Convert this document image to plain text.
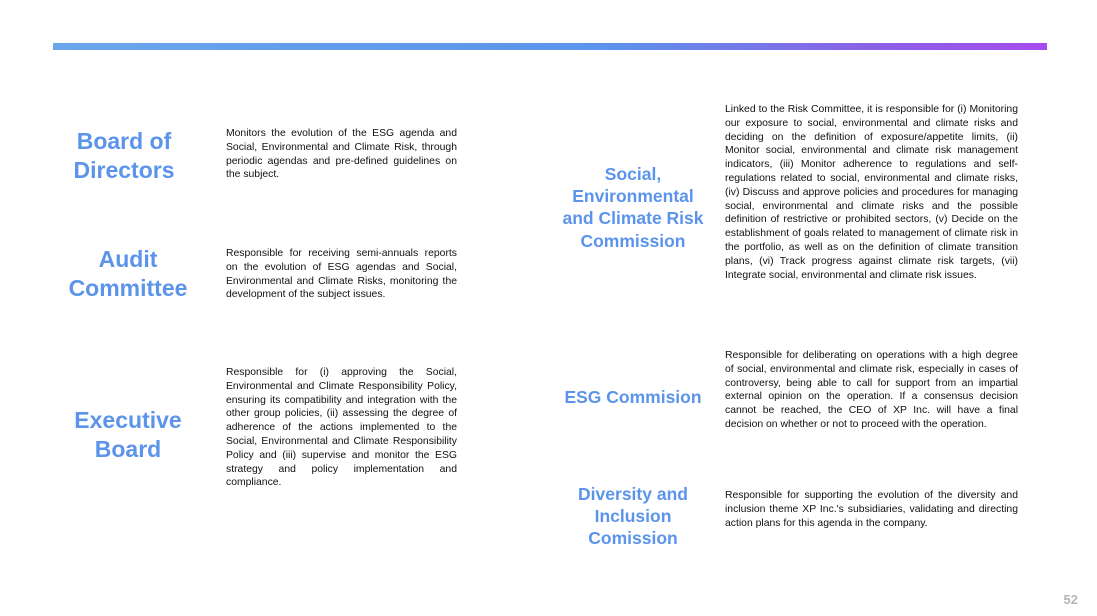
Board of
Directors
Monitors the evolution of the ESG agenda and Social, Environmental and Climate Risk, through periodic agendas and pre-defined guidelines on the subject.
Audit
Committee
Responsible for receiving semi-annuals reports on the evolution of ESG agendas and Social, Environmental and Climate Risks, monitoring the development of the subject issues.
Executive
Board
Responsible for (i) approving the Social, Environmental and Climate Responsibility Policy, ensuring its compatibility and integration with the other group policies, (ii) assessing the degree of adherence of the actions implemented to the Social, Environmental and Climate Responsibility Policy and (iii) supervise and monitor the ESG strategy and policy implementation and compliance.
Social,
Environmental
and Climate Risk
Commission
Linked to the Risk Committee, it is responsible for (i) Monitoring our exposure to social, environmental and climate risks and deciding on the definition of exposure/appetite limits, (ii) Monitor social, environmental and climate risk management indicators, (iii) Monitor adherence to regulations and self-regulations related to social, environmental and climate risks, (iv) Discuss and approve policies and procedures for managing social, environmental and climate risks and the possible definition of restrictive or prohibited sectors, (v) Decide on the establishment of goals related to management of climate risk in the portfolio, as well as on the definition of climate transition plans, (vi) Track progress against climate risk targets, (vii) Integrate social, environmental and climate risk issues.
ESG Commision
Responsible for deliberating on operations with a high degree of social, environmental and climate risk, especially in cases of controversy, being able to call for support from an impartial external opinion on the operation. If a consensus decision cannot be reached, the CEO of XP Inc. will have a final decision on whether or not to proceed with the operation.
Diversity and
Inclusion
Comission
Responsible for supporting the evolution of the diversity and inclusion theme XP Inc.'s subsidiaries, validating and directing action plans for this agenda in the company.
52
